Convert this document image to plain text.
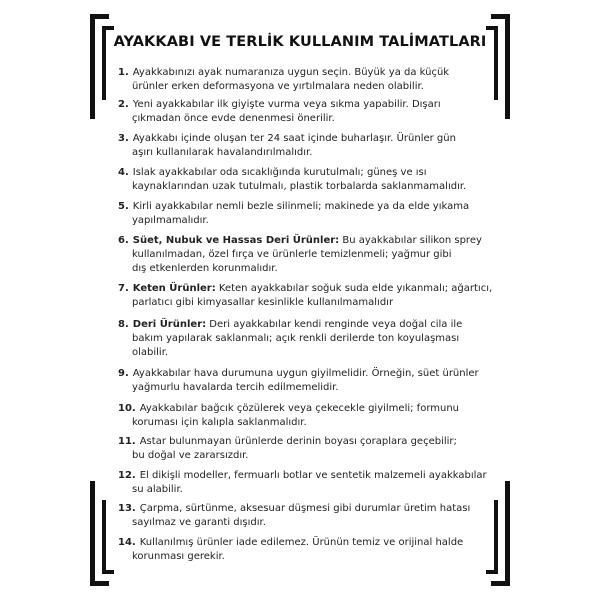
AYAKKABI VE TERLİK KULLANIM TALİMATLARI
1. Ayakkabınızı ayak numaranıza uygun seçin. Büyük ya da küçük
ürünler erken deformasyona ve yırtılmalara neden olabilir.
2. Yeni ayakkabılar ilk giyişte vurma veya sıkma yapabilir. Dışarı
çıkmadan önce evde denenmesi önerilir.
3. Ayakkabı içinde oluşan ter 24 saat içinde buharlaşır. Ürünler gün
aşırı kullanılarak havalandırılmalıdır.
4. Islak ayakkabılar oda sıcaklığında kurutulmalı; güneş ve ısı
kaynaklarından uzak tutulmalı, plastik torbalarda saklanmamalıdır.
5. Kirli ayakkabılar nemli bezle silinmeli; makinede ya da elde yıkama
yapılmamalıdır.
6. Süet, Nubuk ve Hassas Deri Ürünler: Bu ayakkabılar silikon sprey
kullanılmadan, özel fırça ve ürünlerle temizlenmeli; yağmur gibi
dış etkenlerden korunmalıdır.
7. Keten Ürünler: Keten ayakkabılar soğuk suda elde yıkanmalı; ağartıcı,
parlatıcı gibi kimyasallar kesinlikle kullanılmamalıdır
8. Deri Ürünler: Deri ayakkabılar kendi renginde veya doğal cila ile
bakım yapılarak saklanmalı; açık renkli derilerde ton koyulaşması
olabilir.
9. Ayakkabılar hava durumuna uygun giyilmelidir. Örneğin, süet ürünler
yağmurlu havalarda tercih edilmemelidir.
10. Ayakkabılar bağcık çözülerek veya çekecekle giyilmeli; formunu
koruması için kalıpla saklanmalıdır.
11. Astar bulunmayan ürünlerde derinin boyası çoraplara geçebilir;
bu doğal ve zararsızdır.
12. El dikişli modeller, fermuarlı botlar ve sentetik malzemeli ayakkabılar
su alabilir.
13. Çarpma, sürtünme, aksesuar düşmesi gibi durumlar üretim hatası
sayılmaz ve garanti dışıdır.
14. Kullanılmış ürünler iade edilemez. Ürünün temiz ve orijinal halde
korunması gerekir.
